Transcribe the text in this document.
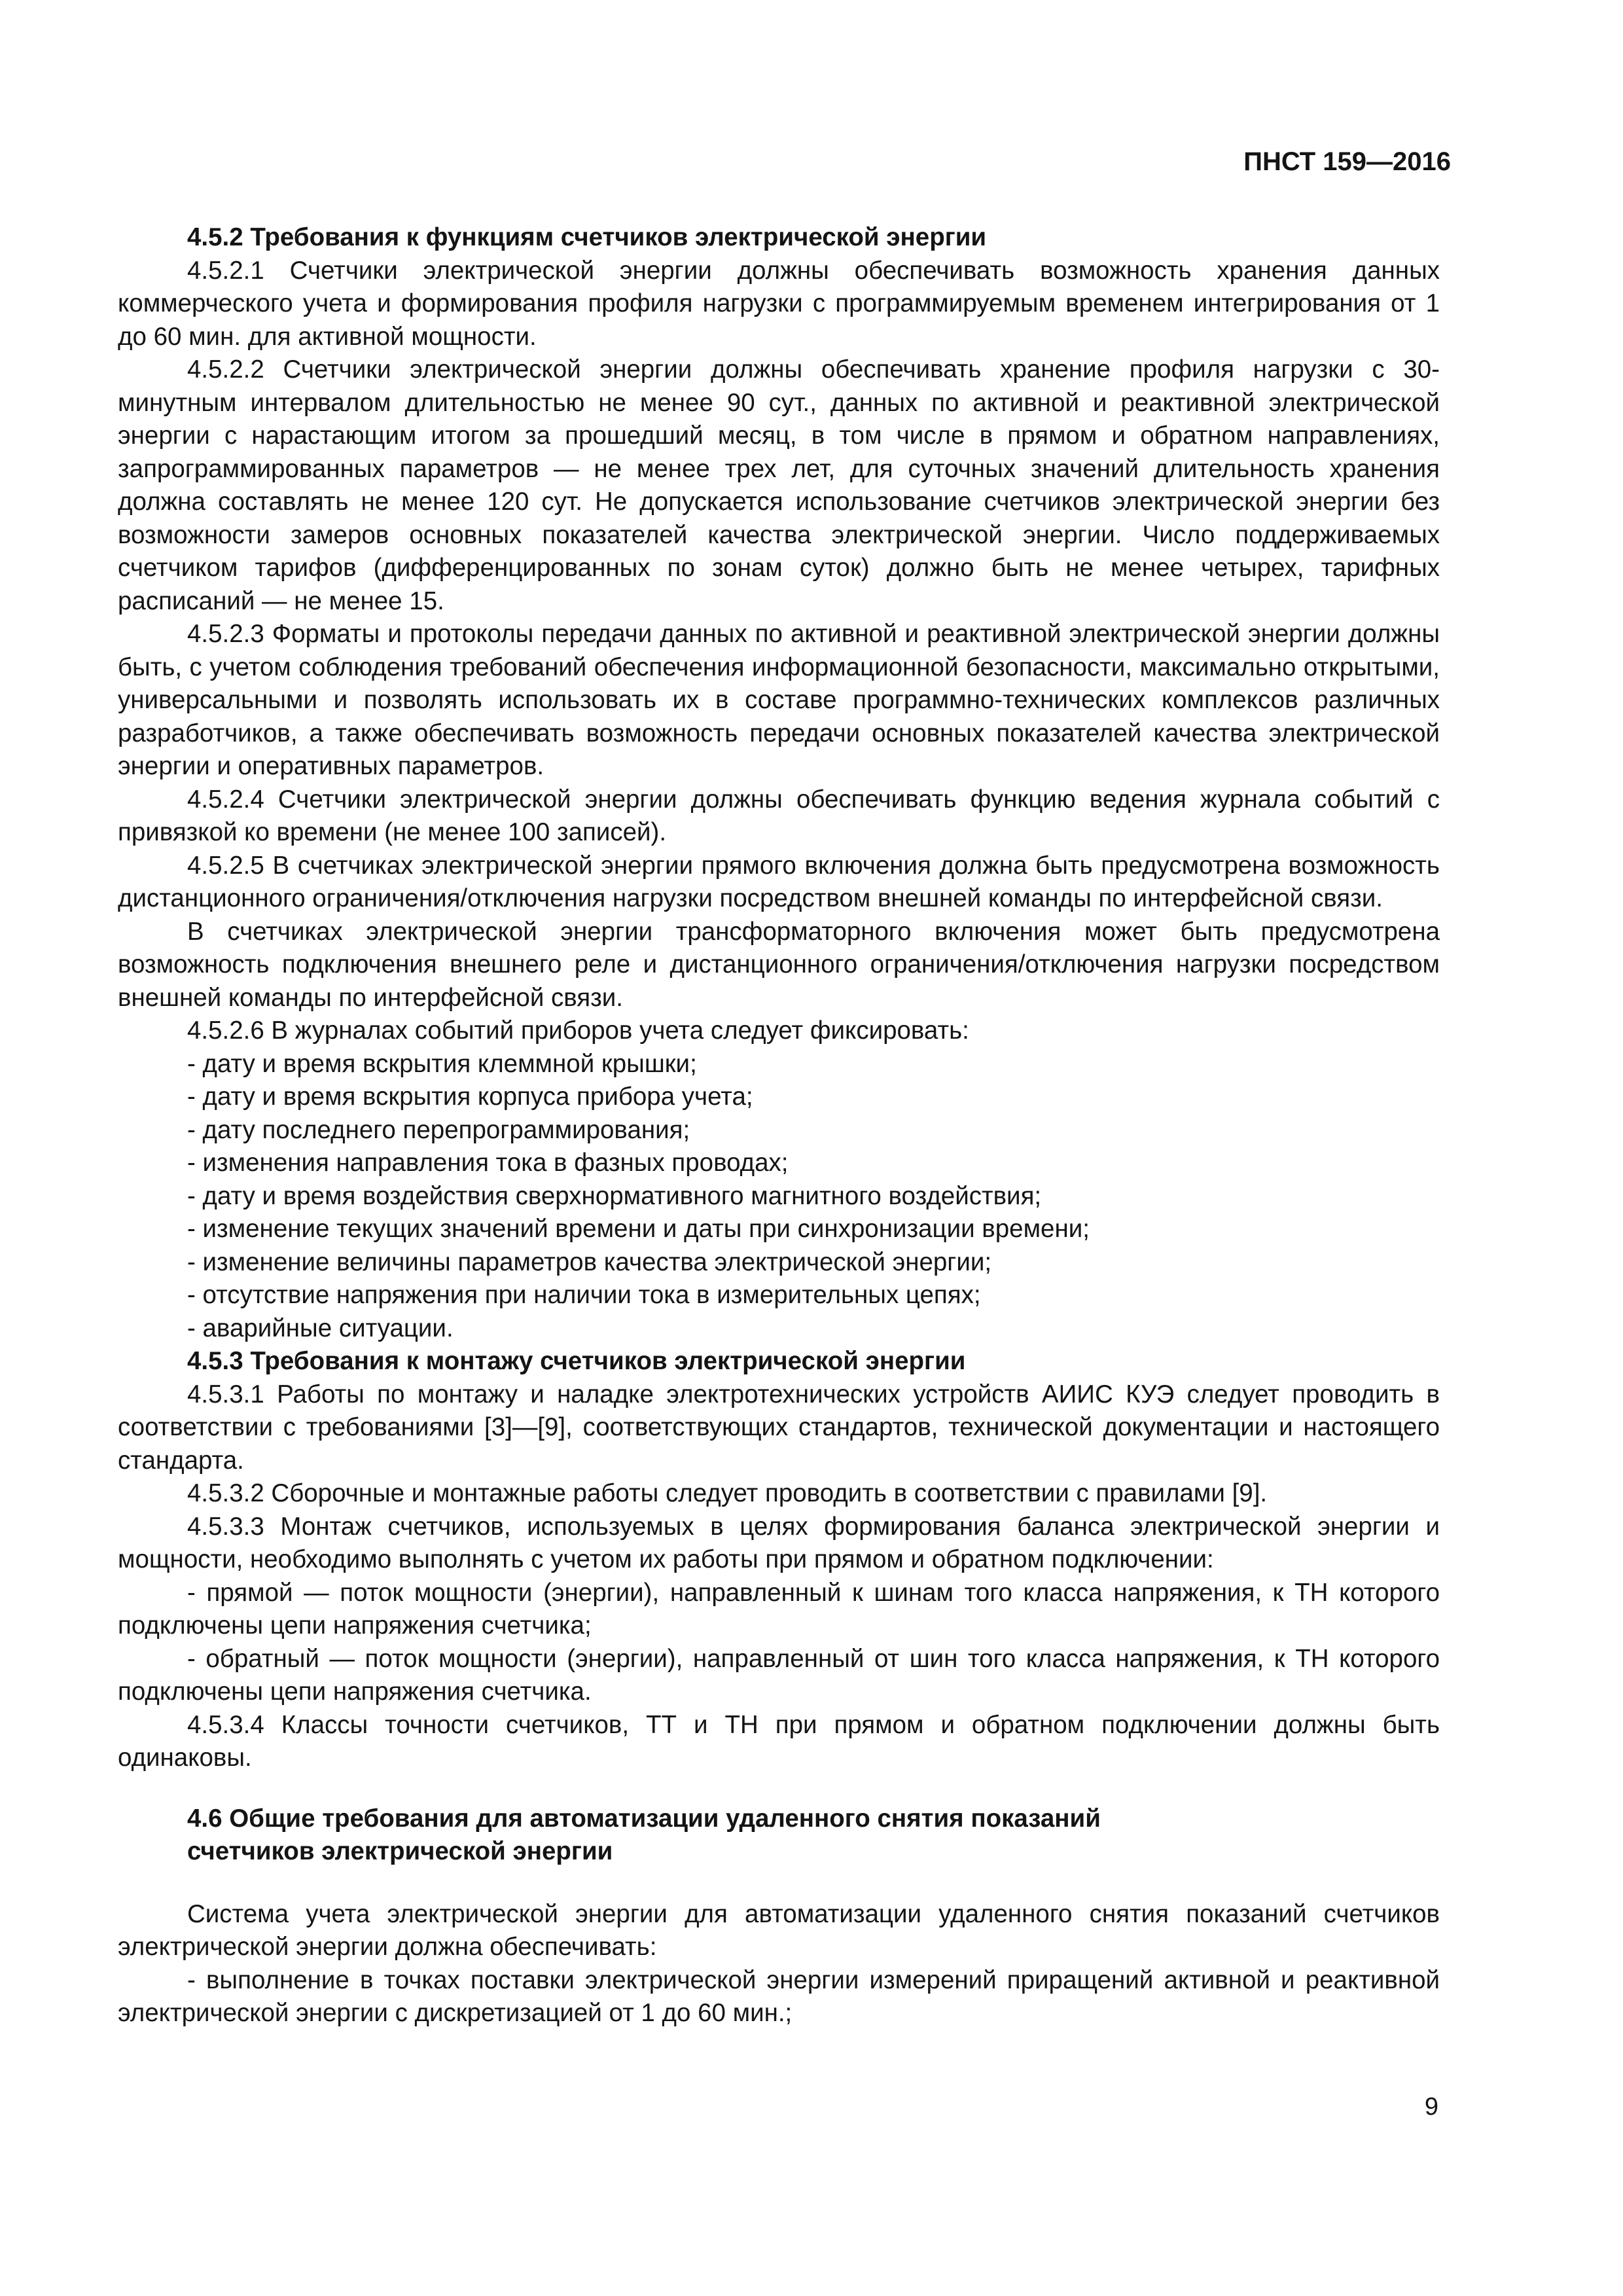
ПНСТ 159—2016

4.5.2 Требования к функциям счетчиков электрической энергии

4.5.2.1 Счетчики электрической энергии должны обеспечивать возможность хранения данных коммерческого учета и формирования профиля нагрузки с программируемым временем интегрирования от 1 до 60 мин. для активной мощности.

4.5.2.2 Счетчики электрической энергии должны обеспечивать хранение профиля нагрузки с 30-минутным интервалом длительностью не менее 90 сут., данных по активной и реактивной электрической энергии с нарастающим итогом за прошедший месяц, в том числе в прямом и обратном направлениях, запрограммированных параметров — не менее трех лет, для суточных значений длительность хранения должна составлять не менее 120 сут. Не допускается использование счетчиков электрической энергии без возможности замеров основных показателей качества электрической энергии. Число поддерживаемых счетчиком тарифов (дифференцированных по зонам суток) должно быть не менее четырех, тарифных расписаний — не менее 15.

4.5.2.3 Форматы и протоколы передачи данных по активной и реактивной электрической энергии должны быть, с учетом соблюдения требований обеспечения информационной безопасности, максимально открытыми, универсальными и позволять использовать их в составе программно-технических комплексов различных разработчиков, а также обеспечивать возможность передачи основных показателей качества электрической энергии и оперативных параметров.

4.5.2.4 Счетчики электрической энергии должны обеспечивать функцию ведения журнала событий с привязкой ко времени (не менее 100 записей).

4.5.2.5 В счетчиках электрической энергии прямого включения должна быть предусмотрена возможность дистанционного ограничения/отключения нагрузки посредством внешней команды по интерфейсной связи.

В счетчиках электрической энергии трансформаторного включения может быть предусмотрена возможность подключения внешнего реле и дистанционного ограничения/отключения нагрузки посредством внешней команды по интерфейсной связи.

4.5.2.6 В журналах событий приборов учета следует фиксировать:

- дату и время вскрытия клеммной крышки;

- дату и время вскрытия корпуса прибора учета;

- дату последнего перепрограммирования;

- изменения направления тока в фазных проводах;

- дату и время воздействия сверхнормативного магнитного воздействия;

- изменение текущих значений времени и даты при синхронизации времени;

- изменение величины параметров качества электрической энергии;

- отсутствие напряжения при наличии тока в измерительных цепях;

- аварийные ситуации.

4.5.3 Требования к монтажу счетчиков электрической энергии

4.5.3.1 Работы по монтажу и наладке электротехнических устройств АИИС КУЭ следует проводить в соответствии с требованиями [3]—[9], соответствующих стандартов, технической документации и настоящего стандарта.

4.5.3.2 Сборочные и монтажные работы следует проводить в соответствии с правилами [9].

4.5.3.3 Монтаж счетчиков, используемых в целях формирования баланса электрической энергии и мощности, необходимо выполнять с учетом их работы при прямом и обратном подключении:

- прямой — поток мощности (энергии), направленный к шинам того класса напряжения, к ТН которого подключены цепи напряжения счетчика;

- обратный — поток мощности (энергии), направленный от шин того класса напряжения, к ТН которого подключены цепи напряжения счетчика.

4.5.3.4 Классы точности счетчиков, ТТ и ТН при прямом и обратном подключении должны быть одинаковы.

4.6 Общие требования для автоматизации удаленного снятия показаний
счетчиков электрической энергии

Система учета электрической энергии для автоматизации удаленного снятия показаний счетчиков электрической энергии должна обеспечивать:

- выполнение в точках поставки электрической энергии измерений приращений активной и реактивной электрической энергии с дискретизацией от 1 до 60 мин.;

9
